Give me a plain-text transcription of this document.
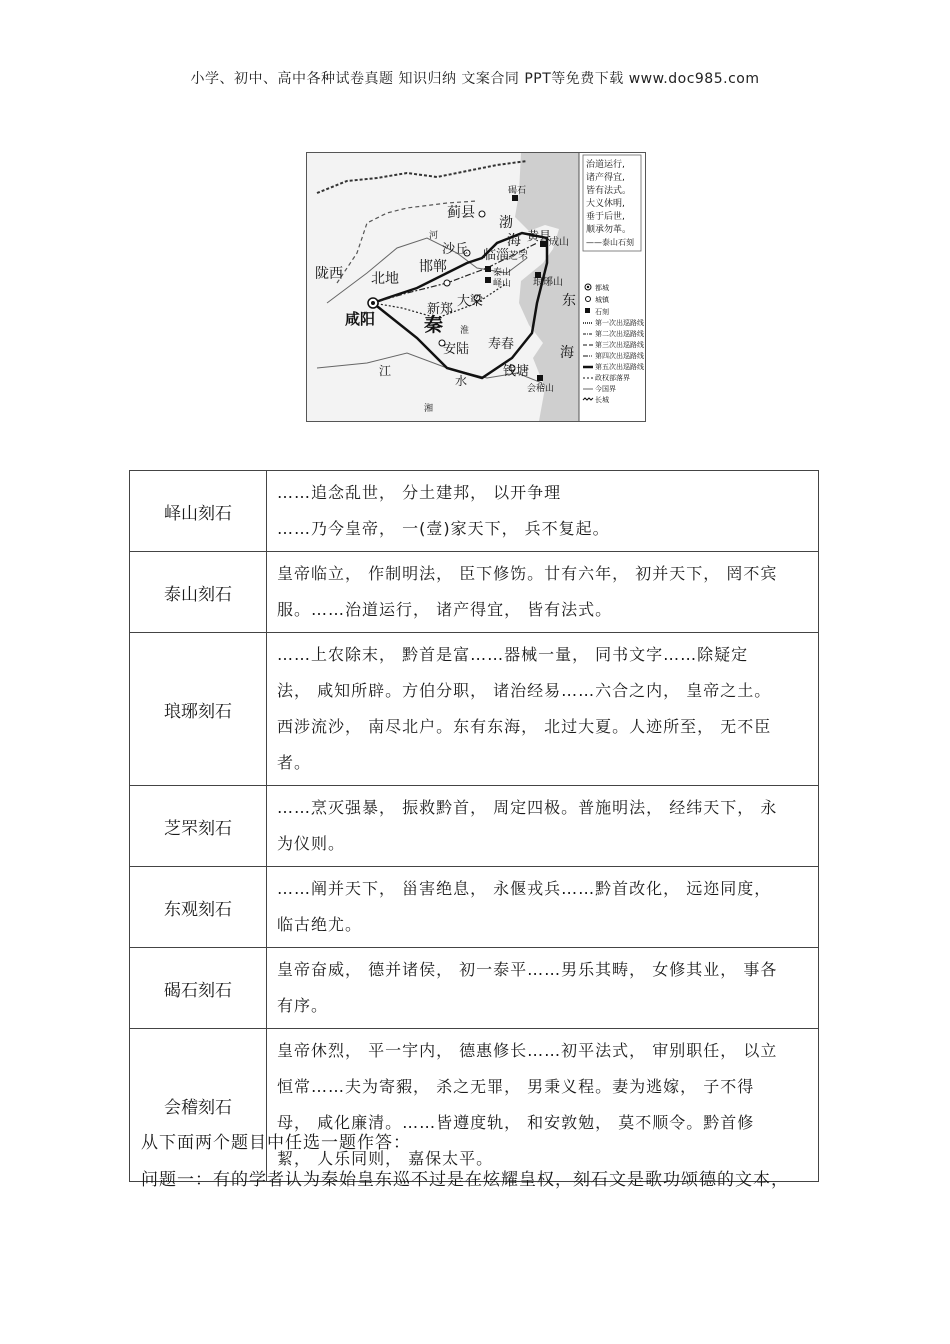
小学、初中、高中各种试卷真题 知识归纳 文案合同 PPT等免费下载 www.doc985.com
咸阳	秦
陇西 北地
邯郸
沙丘
蓟县
渤
海 黄县
成山
临淄
芝罘
泰山
峄山 琅琊山
新郑
大梁
安陆 寿春
钱塘
会稽山
碣石
东
海
江
水
河
淮
湘
治道运行,
诸产得宜,
皆有法式。
大义休明,
垂于后世,
顺承勿革。
——泰山石刻
都城
城镇
石刻
第一次出巡路线
第二次出巡路线
第三次出巡路线
第四次出巡路线
第五次出巡路线
政权部落界
今国界
长城
峄山刻石	……追念乱世， 分土建邦， 以开争理
……乃今皇帝， 一(壹)家天下， 兵不复起。

泰山刻石	皇帝临立， 作制明法， 臣下修饬。廿有六年， 初并天下， 罔不宾
服。……治道运行， 诸产得宜， 皆有法式。

琅琊刻石	……上农除末， 黔首是富……器械一量， 同书文字……除疑定
法， 咸知所辟。方伯分职， 诸治经易……六合之内， 皇帝之土。
西涉流沙， 南尽北户。东有东海， 北过大夏。人迹所至， 无不臣
者。

芝罘刻石	……烹灭强暴， 振救黔首， 周定四极。普施明法， 经纬天下， 永
为仪则。

东观刻石	……阐并天下， 甾害绝息， 永偃戎兵……黔首改化， 远迩同度，
临古绝尤。

碣石刻石	皇帝奋威， 德并诸侯， 初一泰平……男乐其畴， 女修其业， 事各
有序。

会稽刻石	皇帝休烈， 平一宇内， 德惠修长……初平法式， 审别职任， 以立
恒常……夫为寄豭， 杀之无罪， 男秉义程。妻为逃嫁， 子不得
母， 咸化廉清。……皆遵度轨， 和安敦勉， 莫不顺令。黔首修
絜， 人乐同则， 嘉保太平。
从下面两个题目中任选一题作答：
问题一：有的学者认为秦始皇东巡不过是在炫耀皇权，刻石文是歌功颂德的文本，
